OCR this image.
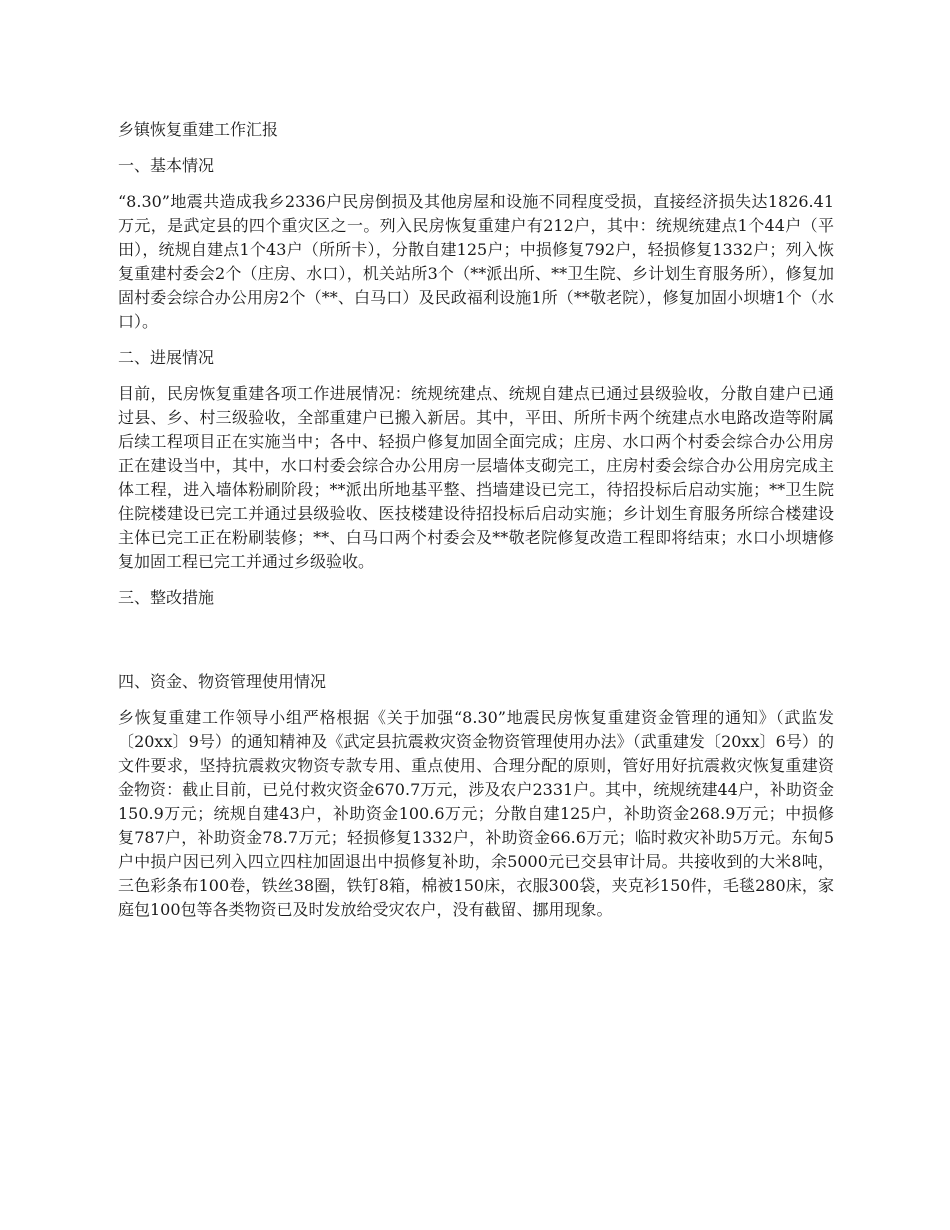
乡镇恢复重建工作汇报

一、基本情况

“8.30”地震共造成我乡2336户民房倒损及其他房屋和设施不同程度受损，直接经济损失达1826.41万元，是武定县的四个重灾区之一。列入民房恢复重建户有212户，其中：统规统建点1个44户（平田），统规自建点1个43户（所所卡），分散自建125户；中损修复792户，轻损修复1332户；列入恢复重建村委会2个（庄房、水口），机关站所3个（**派出所、**卫生院、乡计划生育服务所），修复加固村委会综合办公用房2个（**、白马口）及民政福利设施1所（**敬老院），修复加固小坝塘1个（水口）。

二、进展情况

目前，民房恢复重建各项工作进展情况：统规统建点、统规自建点已通过县级验收，分散自建户已通过县、乡、村三级验收，全部重建户已搬入新居。其中，平田、所所卡两个统建点水电路改造等附属后续工程项目正在实施当中；各中、轻损户修复加固全面完成；庄房、水口两个村委会综合办公用房正在建设当中，其中，水口村委会综合办公用房一层墙体支砌完工，庄房村委会综合办公用房完成主体工程，进入墙体粉刷阶段；**派出所地基平整、挡墙建设已完工，待招投标后启动实施；**卫生院住院楼建设已完工并通过县级验收、医技楼建设待招投标后启动实施；乡计划生育服务所综合楼建设主体已完工正在粉刷装修；**、白马口两个村委会及**敬老院修复改造工程即将结束；水口小坝塘修复加固工程已完工并通过乡级验收。

三、整改措施

四、资金、物资管理使用情况

乡恢复重建工作领导小组严格根据《关于加强“8.30”地震民房恢复重建资金管理的通知》（武监发〔20xx〕9号）的通知精神及《武定县抗震救灾资金物资管理使用办法》（武重建发〔20xx〕6号）的文件要求，坚持抗震救灾物资专款专用、重点使用、合理分配的原则，管好用好抗震救灾恢复重建资金物资：截止目前，已兑付救灾资金670.7万元，涉及农户2331户。其中，统规统建44户，补助资金150.9万元；统规自建43户，补助资金100.6万元；分散自建125户，补助资金268.9万元；中损修复787户，补助资金78.7万元；轻损修复1332户，补助资金66.6万元；临时救灾补助5万元。东甸5户中损户因已列入四立四柱加固退出中损修复补助，余5000元已交县审计局。共接收到的大米8吨，三色彩条布100卷，铁丝38圈，铁钉8箱，棉被150床，衣服300袋，夹克衫150件，毛毯280床，家庭包100包等各类物资已及时发放给受灾农户，没有截留、挪用现象。
